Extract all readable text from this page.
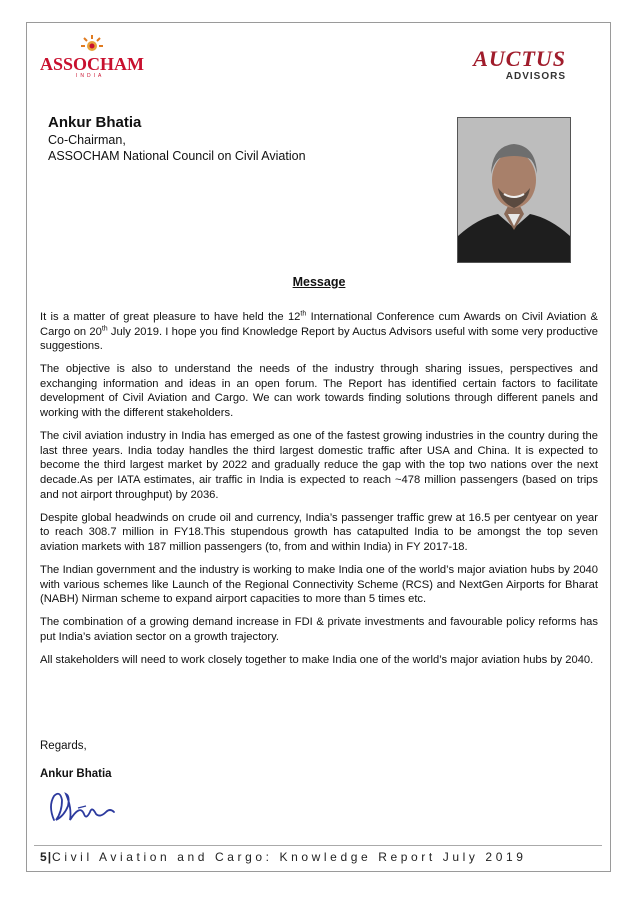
ASSOCHAM
INDIA
AUCTUS
ADVISORS
Ankur Bhatia
Co-Chairman,
ASSOCHAM National Council on Civil Aviation
Message

It is a matter of great pleasure to have held the 12th International Conference cum Awards on Civil Aviation & Cargo on 20th July 2019. I hope you find Knowledge Report by Auctus Advisors useful with some very productive suggestions.

The objective is also to understand the needs of the industry through sharing issues, perspectives and exchanging information and ideas in an open forum. The Report has identified certain factors to facilitate development of Civil Aviation and Cargo. We can work towards finding solutions through different panels and working with the different stakeholders.

The civil aviation industry in India has emerged as one of the fastest growing industries in the country during the last three years. India today handles the third largest domestic traffic after USA and China. It is expected to become the third largest market by 2022 and gradually reduce the gap with the top two nations over the next decade.As per IATA estimates, air traffic in India is expected to reach ~478 million passengers (based on trips and not airport throughput) by 2036.

Despite global headwinds on crude oil and currency, India’s passenger traffic grew at 16.5 per centyear on year to reach 308.7 million in FY18.This stupendous growth has catapulted India to be amongst the top seven aviation markets with 187 million passengers (to, from and within India) in FY 2017-18.

The Indian government and the industry is working to make India one of the world’s major aviation hubs by 2040 with various schemes like Launch of the Regional Connectivity Scheme (RCS) and NextGen Airports for Bharat (NABH) Nirman scheme to expand airport capacities to more than 5 times etc.

The combination of a growing demand increase in FDI & private investments and favourable policy reforms has put India’s aviation sector on a growth trajectory.

All stakeholders will need to work closely together to make India one of the world’s major aviation hubs by 2040.

Regards,
Ankur Bhatia
5|Civil Aviation and Cargo: Knowledge Report July 2019
